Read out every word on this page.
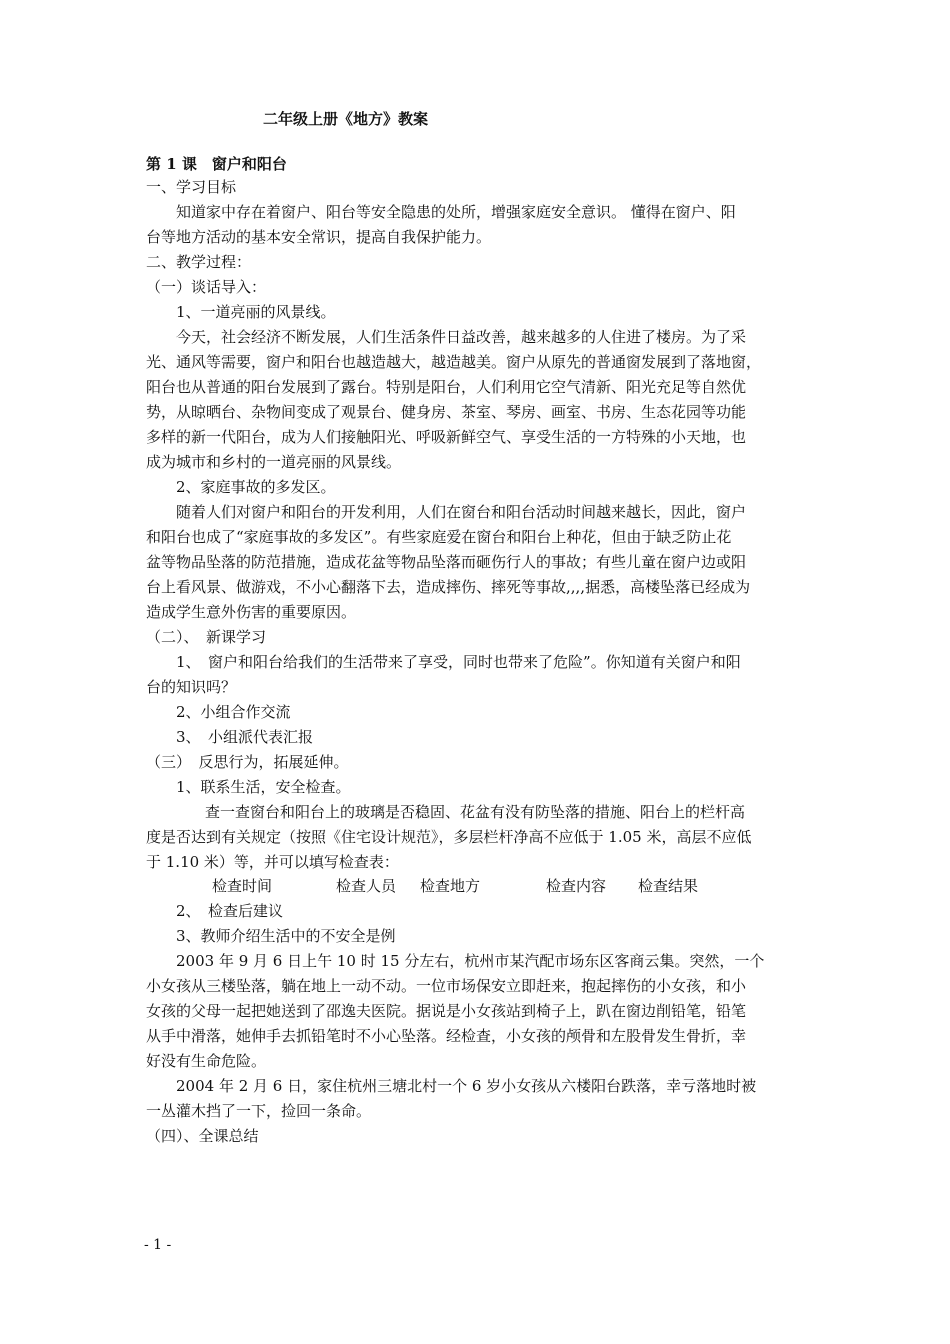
二年级上册《地方》教案
第 1 课　窗户和阳台
一、学习目标
知道家中存在着窗户、阳台等安全隐患的处所，增强家庭安全意识。 懂得在窗户、阳
台等地方活动的基本安全常识，提高自我保护能力。
二、教学过程：
（一）谈话导入：
1、一道亮丽的风景线。
今天，社会经济不断发展，人们生活条件日益改善，越来越多的人住进了楼房。为了采
光、通风等需要，窗户和阳台也越造越大，越造越美。窗户从原先的普通窗发展到了落地窗，
阳台也从普通的阳台发展到了露台。特别是阳台，人们利用它空气清新、阳光充足等自然优
势，从晾晒台、杂物间变成了观景台、健身房、茶室、琴房、画室、书房、生态花园等功能
多样的新一代阳台，成为人们接触阳光、呼吸新鲜空气、享受生活的一方特殊的小天地，也
成为城市和乡村的一道亮丽的风景线。
2、家庭事故的多发区。
随着人们对窗户和阳台的开发利用，人们在窗台和阳台活动时间越来越长，因此，窗户
和阳台也成了“家庭事故的多发区”。有些家庭爱在窗台和阳台上种花，但由于缺乏防止花
盆等物品坠落的防范措施，造成花盆等物品坠落而砸伤行人的事故；有些儿童在窗户边或阳
台上看风景、做游戏，不小心翻落下去，造成摔伤、摔死等事故,,,,据悉，高楼坠落已经成为
造成学生意外伤害的重要原因。
（二）、　新课学习
1、　窗户和阳台给我们的生活带来了享受，同时也带来了危险”。你知道有关窗户和阳
台的知识吗？
2、小组合作交流
3、　小组派代表汇报
（三）　反思行为，拓展延伸。
1、联系生活，安全检查。
查一查窗台和阳台上的玻璃是否稳固、花盆有没有防坠落的措施、阳台上的栏杆高
度是否达到有关规定（按照《住宅设计规范》，多层栏杆净高不应低于 1.05 米，高层不应低
于 1.10 米）等，并可以填写检查表：
检查时间	检查人员 检查地方	检查内容 检查结果
2、　检查后建议
3、教师介绍生活中的不安全是例
2003 年 9 月 6 日上午 10 时 15 分左右，杭州市某汽配市场东区客商云集。突然，一个
小女孩从三楼坠落，躺在地上一动不动。一位市场保安立即赶来，抱起摔伤的小女孩，和小
女孩的父母一起把她送到了邵逸夫医院。据说是小女孩站到椅子上，趴在窗边削铅笔，铅笔
从手中滑落，她伸手去抓铅笔时不小心坠落。经检查，小女孩的颅骨和左股骨发生骨折，幸
好没有生命危险。
2004 年 2 月 6 日，家住杭州三塘北村一个 6 岁小女孩从六楼阳台跌落，幸亏落地时被
一丛灌木挡了一下，捡回一条命。
（四）、全课总结
- 1 -
